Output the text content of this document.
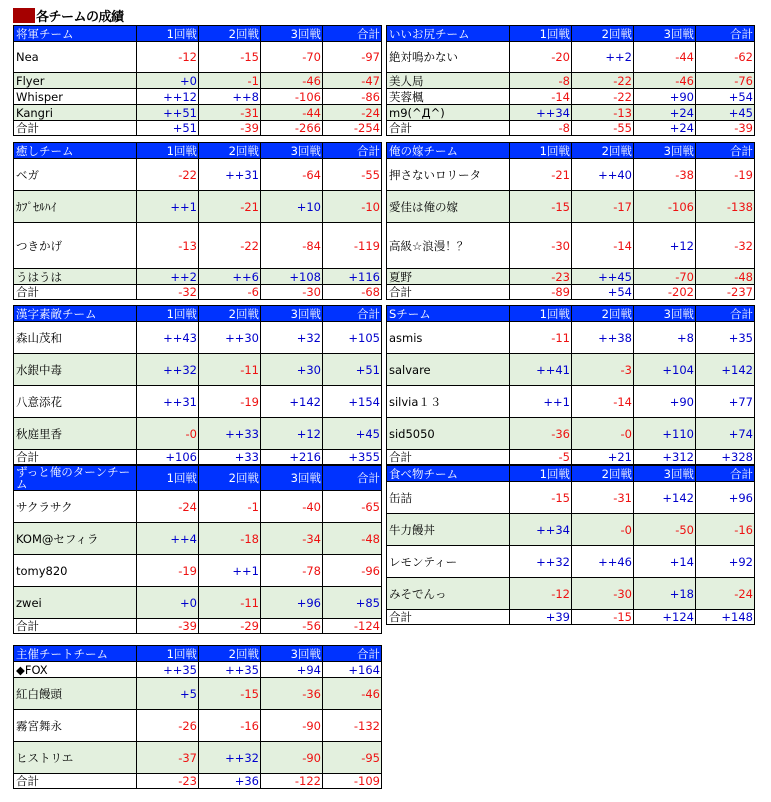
各チームの成績
将軍チーム	1回戦	2回戦	3回戦	合計
Nea	-12	-15	-70	-97
Flyer	+0	-1	-46	-47
Whisper	++12	++8	-106	-86
Kangri	++51	-31	-44	-24
合計	+51	-39	-266	-254
いいお尻チーム	1回戦	2回戦	3回戦	合計
絶対鳴かない	-20	++2	-44	-62
美人局	-8	-22	-46	-76
芙蓉楓	-14	-22	+90	+54
m9(^Д^)	++34	-13	+24	+45
合計	-8	-55	+24	-39
癒しチーム	1回戦	2回戦	3回戦	合計
ベガ	-22	++31	-64	-55
ｶﾌﾟｾﾙﾊｲ	++1	-21	+10	-10
つきかげ	-13	-22	-84	-119
うはうは	++2	++6	+108	+116
合計	-32	-6	-30	-68
俺の嫁チーム	1回戦	2回戦	3回戦	合計
押さないロリータ	-21	++40	-38	-19
愛佳は俺の嫁	-15	-17	-106	-138
高級☆浪漫！？	-30	-14	+12	-32
夏野	-23	++45	-70	-48
合計	-89	+54	-202	-237
漢字素敵チーム	1回戦	2回戦	3回戦	合計
森山茂和	++43	++30	+32	+105
水銀中毒	++32	-11	+30	+51
八意添花	++31	-19	+142	+154
秋庭里香	-0	++33	+12	+45
合計	+106	+33	+216	+355
Sチーム	1回戦	2回戦	3回戦	合計
asmis	-11	++38	+8	+35
salvare	++41	-3	+104	+142
silvia１３	++1	-14	+90	+77
sid5050	-36	-0	+110	+74
合計	-5	+21	+312	+328
ずっと俺のターンチーム	1回戦	2回戦	3回戦	合計
サクラサク	-24	-1	-40	-65
KOM@セフィラ	++4	-18	-34	-48
tomy820	-19	++1	-78	-96
zwei	+0	-11	+96	+85
合計	-39	-29	-56	-124
食べ物チーム	1回戦	2回戦	3回戦	合計
缶詰	-15	-31	+142	+96
牛力饅丼	++34	-0	-50	-16
レモンティー	++32	++46	+14	+92
みそでんっ	-12	-30	+18	-24
合計	+39	-15	+124	+148
主催チートチーム	1回戦	2回戦	3回戦	合計
◆FOX	++35	++35	+94	+164
紅白饅頭	+5	-15	-36	-46
霧宮舞永	-26	-16	-90	-132
ヒストリエ	-37	++32	-90	-95
合計	-23	+36	-122	-109
